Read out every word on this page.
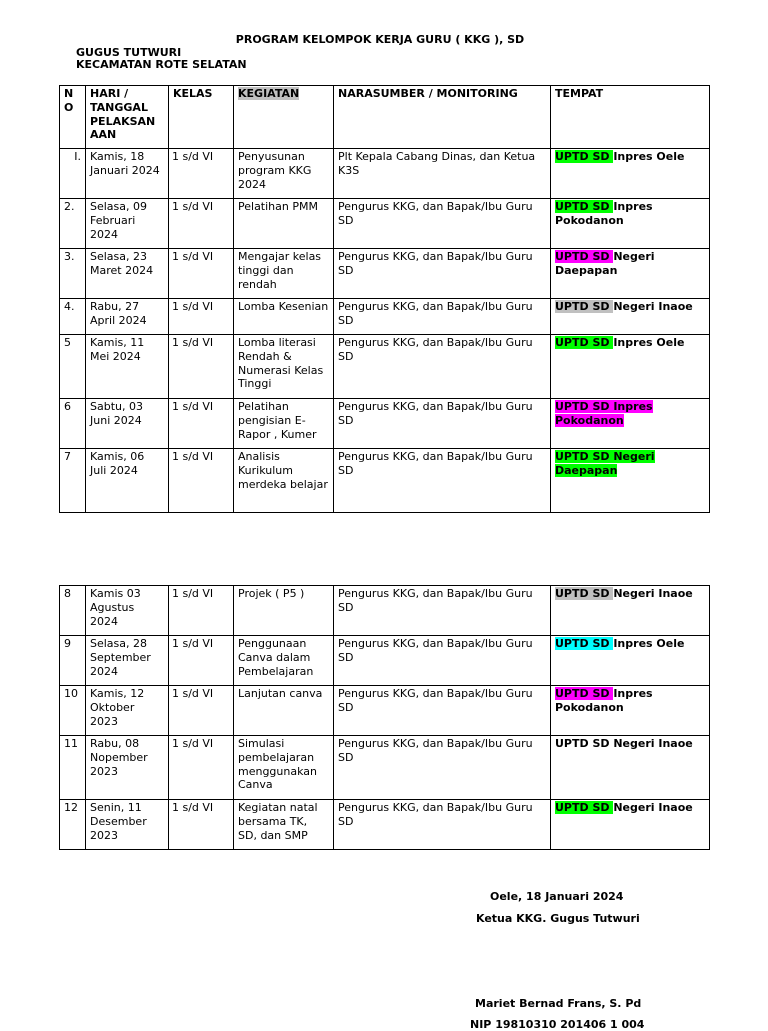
PROGRAM KELOMPOK KERJA GURU ( KKG ), SD
GUGUS TUTWURI
KECAMATAN ROTE SELATAN
N O	HARI / TANGGAL PELAKSAN AAN	KELAS	KEGIATAN	NARASUMBER / MONITORING	TEMPAT
I.	Kamis, 18 Januari 2024	1 s/d VI	Penyusunan program KKG 2024	Plt Kepala Cabang Dinas, dan Ketua K3S	UPTD SD Inpres Oele
2.	Selasa, 09 Februari 2024	1 s/d VI	Pelatihan PMM	Pengurus KKG, dan Bapak/Ibu Guru SD	UPTD SD Inpres Pokodanon
3.	Selasa, 23 Maret 2024	1 s/d VI	Mengajar kelas tinggi dan rendah	Pengurus KKG, dan Bapak/Ibu Guru SD	UPTD SD Negeri Daepapan
4.	Rabu, 27 April 2024	1 s/d VI	Lomba Kesenian	Pengurus KKG, dan Bapak/Ibu Guru SD	UPTD SD Negeri Inaoe
5	Kamis, 11 Mei 2024	1 s/d VI	Lomba literasi Rendah & Numerasi Kelas Tinggi	Pengurus KKG, dan Bapak/Ibu Guru SD	UPTD SD Inpres Oele
6	Sabtu, 03 Juni 2024	1 s/d VI	Pelatihan pengisian E-Rapor , Kumer	Pengurus KKG, dan Bapak/Ibu Guru SD	UPTD SD Inpres Pokodanon
7	Kamis, 06 Juli 2024	1 s/d VI	Analisis Kurikulum merdeka belajar	Pengurus KKG, dan Bapak/Ibu Guru SD	UPTD SD Negeri Daepapan
8	Kamis 03 Agustus 2024	1 s/d VI	Projek ( P5 )	Pengurus KKG, dan Bapak/Ibu Guru SD	UPTD SD Negeri Inaoe
9	Selasa, 28 September 2024	1 s/d VI	Penggunaan Canva dalam Pembelajaran	Pengurus KKG, dan Bapak/Ibu Guru SD	UPTD SD Inpres Oele
10	Kamis, 12 Oktober 2023	1 s/d VI	Lanjutan canva	Pengurus KKG, dan Bapak/Ibu Guru SD	UPTD SD Inpres Pokodanon
11	Rabu, 08 Nopember 2023	1 s/d VI	Simulasi pembelajaran menggunakan Canva	Pengurus KKG, dan Bapak/Ibu Guru SD	UPTD SD Negeri Inaoe
12	Senin, 11 Desember 2023	1 s/d VI	Kegiatan natal bersama TK, SD, dan SMP	Pengurus KKG, dan Bapak/Ibu Guru SD	UPTD SD Negeri Inaoe
Oele, 18 Januari 2024
Ketua KKG. Gugus Tutwuri
Mariet Bernad Frans, S. Pd
NIP 19810310 201406 1 004
